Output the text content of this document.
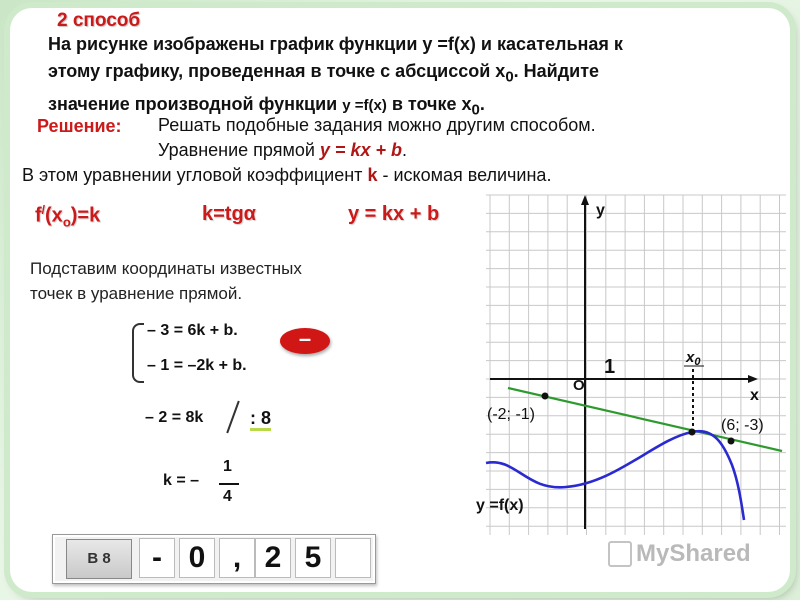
2 способ
На рисунке изображены график функции у =f(x) и касательная к
этому графику, проведенная в точке с абсциссой $х_0$. Найдите
значение производной функции у =f(x) в точке $х_0$.
Решение: Решать подобные задания можно другим способом.
Уравнение прямой y = kx + b.
В этом уравнении угловой коэффициент k - искомая величина.
$f^/(x_o)=k$	k=tgα	y = kx + b
Подставим координаты известных
точек в уравнение прямой.
– 3 = 6k + b.
– 1 = –2k + b.
–
– 2 = 8k	: 8
k = –
1
4
y
x
O
1	$x_0$
(-2; -1)
(6; -3)
y =f(x)
В 8	- 0 , 2 5	MyShared
